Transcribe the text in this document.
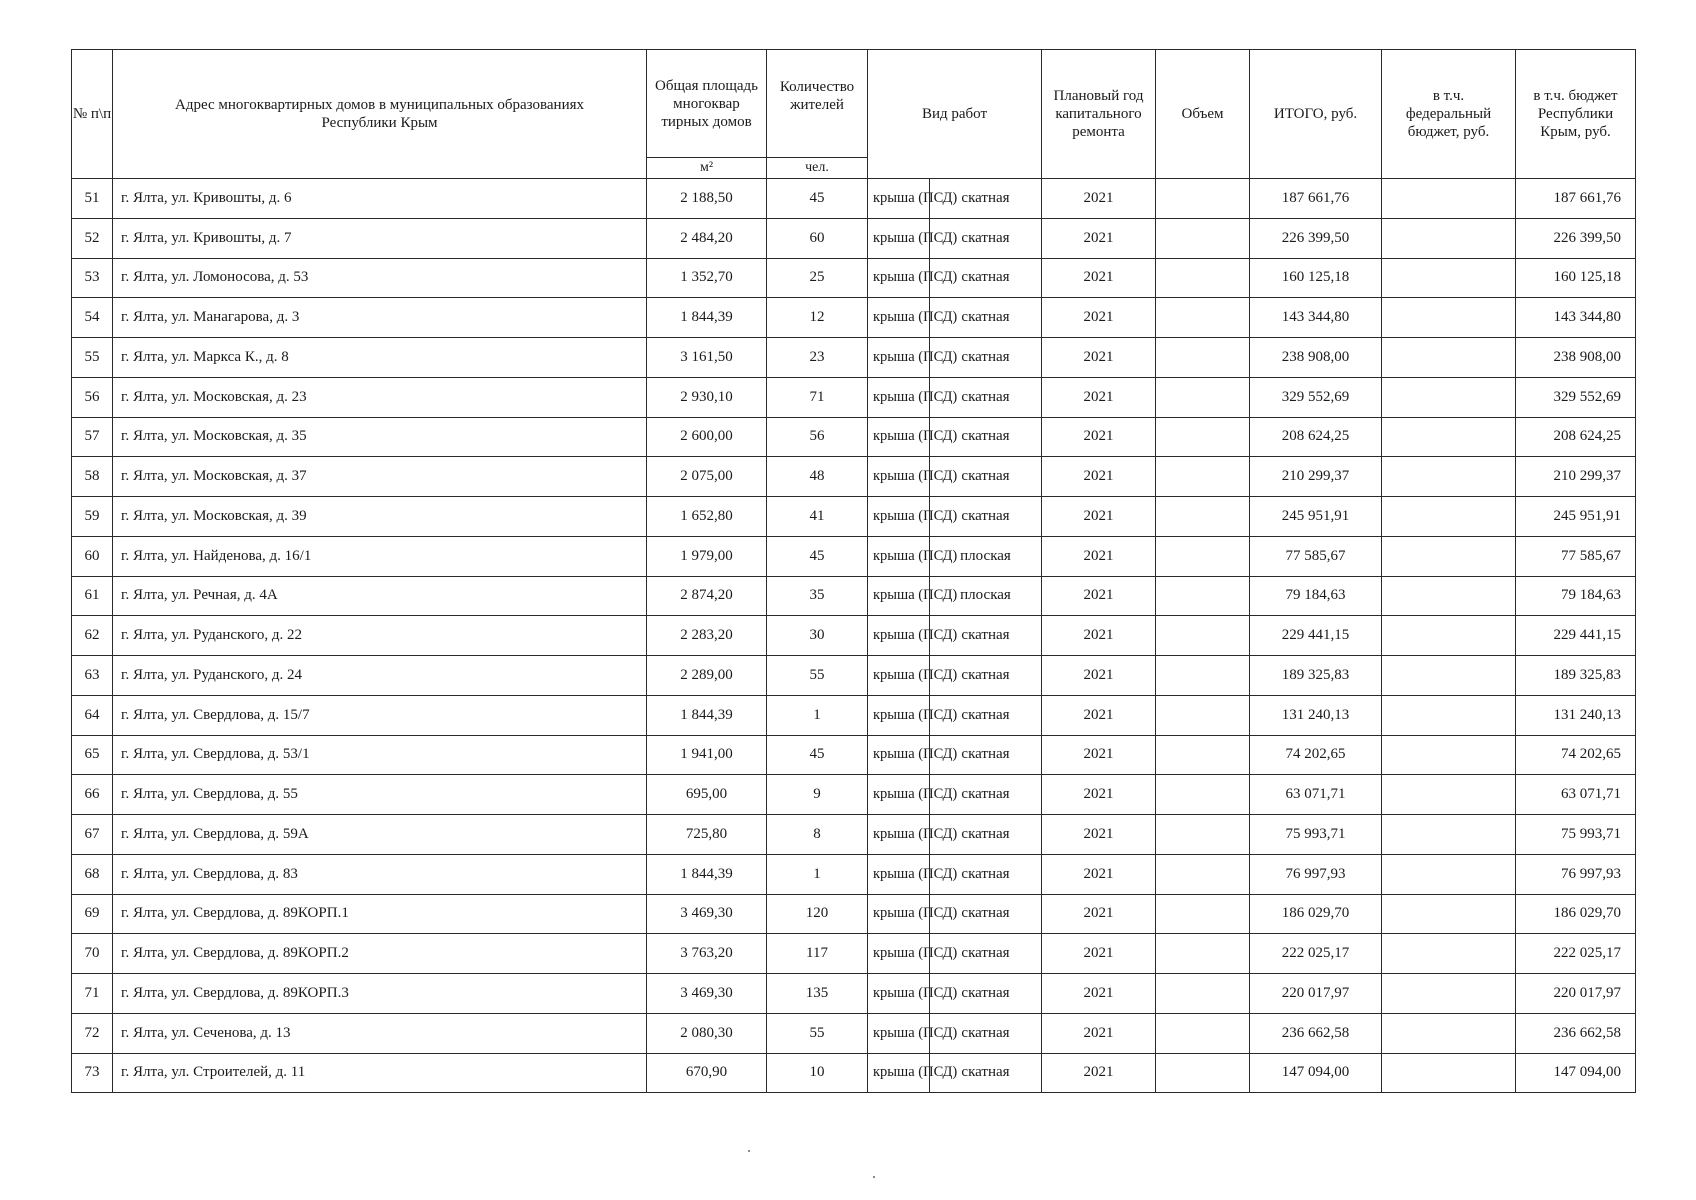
№ п\п	Адрес многоквартирных домов в муниципальных образованиях Республики Крым	Общая площадь многоквар тирных домов	Количество жителей	Вид работ		Плановый год капитального ремонта	Объем	ИТОГО, руб.	в т.ч. федеральный бюджет, руб.	в т.ч. бюджет Республики Крым, руб.
		м²	чел.							
51	г. Ялта, ул. Кривошты, д. 6	2 188,50	45	крыша (ПСД)	скатная	2021		187 661,76		187 661,76
52	г. Ялта, ул. Кривошты, д. 7	2 484,20	60	крыша (ПСД)	скатная	2021		226 399,50		226 399,50
53	г. Ялта, ул. Ломоносова, д. 53	1 352,70	25	крыша (ПСД)	скатная	2021		160 125,18		160 125,18
54	г. Ялта, ул. Манагарова, д. 3	1 844,39	12	крыша (ПСД)	скатная	2021		143 344,80		143 344,80
55	г. Ялта, ул. Маркса К., д. 8	3 161,50	23	крыша (ПСД)	скатная	2021		238 908,00		238 908,00
56	г. Ялта, ул. Московская, д. 23	2 930,10	71	крыша (ПСД)	скатная	2021		329 552,69		329 552,69
57	г. Ялта, ул. Московская, д. 35	2 600,00	56	крыша (ПСД)	скатная	2021		208 624,25		208 624,25
58	г. Ялта, ул. Московская, д. 37	2 075,00	48	крыша (ПСД)	скатная	2021		210 299,37		210 299,37
59	г. Ялта, ул. Московская, д. 39	1 652,80	41	крыша (ПСД)	скатная	2021		245 951,91		245 951,91
60	г. Ялта, ул. Найденова, д. 16/1	1 979,00	45	крыша (ПСД)	плоская	2021		77 585,67		77 585,67
61	г. Ялта, ул. Речная, д. 4А	2 874,20	35	крыша (ПСД)	плоская	2021		79 184,63		79 184,63
62	г. Ялта, ул. Руданского, д. 22	2 283,20	30	крыша (ПСД)	скатная	2021		229 441,15		229 441,15
63	г. Ялта, ул. Руданского, д. 24	2 289,00	55	крыша (ПСД)	скатная	2021		189 325,83		189 325,83
64	г. Ялта, ул. Свердлова, д. 15/7	1 844,39	1	крыша (ПСД)	скатная	2021		131 240,13		131 240,13
65	г. Ялта, ул. Свердлова, д. 53/1	1 941,00	45	крыша (ПСД)	скатная	2021		74 202,65		74 202,65
66	г. Ялта, ул. Свердлова, д. 55	695,00	9	крыша (ПСД)	скатная	2021		63 071,71		63 071,71
67	г. Ялта, ул. Свердлова, д. 59А	725,80	8	крыша (ПСД)	скатная	2021		75 993,71		75 993,71
68	г. Ялта, ул. Свердлова, д. 83	1 844,39	1	крыша (ПСД)	скатная	2021		76 997,93		76 997,93
69	г. Ялта, ул. Свердлова, д. 89КОРП.1	3 469,30	120	крыша (ПСД)	скатная	2021		186 029,70		186 029,70
70	г. Ялта, ул. Свердлова, д. 89КОРП.2	3 763,20	117	крыша (ПСД)	скатная	2021		222 025,17		222 025,17
71	г. Ялта, ул. Свердлова, д. 89КОРП.3	3 469,30	135	крыша (ПСД)	скатная	2021		220 017,97		220 017,97
72	г. Ялта, ул. Сеченова, д. 13	2 080,30	55	крыша (ПСД)	скатная	2021		236 662,58		236 662,58
73	г. Ялта, ул. Строителей, д. 11	670,90	10	крыша (ПСД)	скатная	2021		147 094,00		147 094,00
